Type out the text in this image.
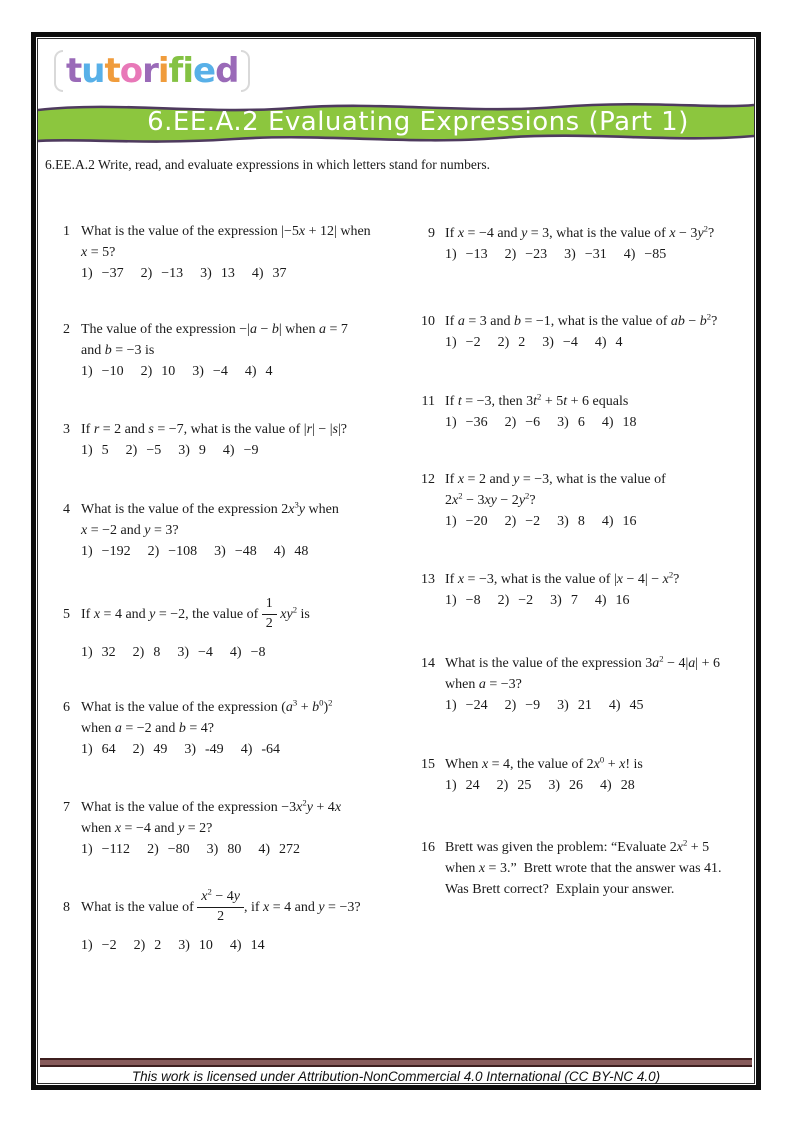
tutorified
6.EE.A.2 Evaluating Expressions (Part 1)
6.EE.A.2 Write, read, and evaluate expressions in which letters stand for numbers.
1 What is the value of the expression |−5x + 12| when
x = 5?
1) −37 2) −13 3) 13 4) 37
2 The value of the expression −|a − b| when a = 7
and b = −3 is
1) −10 2) 10 3) −4 4) 4
3 If r = 2 and s = −7, what is the value of |r| − |s|?
1) 5 2) −5 3) 9 4) −9
4 What is the value of the expression $2x^3y$ when
x = −2 and y = 3?
1) −192 2) −108 3) −48 4) 48
5 If x = 4 and y = −2, the value of $\frac{1}{2} xy^2$ is
1) 32 2) 8 3) −4 4) −8
6 What is the value of the expression $(a^3 + b^0)^2$
when a = −2 and b = 4?
1) 64 2) 49 3) -49 4) -64
7 What is the value of the expression $-3x^2y + 4x$
when x = −4 and y = 2?
1) −112 2) −80 3) 80 4) 272
8 What is the value of $\frac{x^2 - 4y}{2}$ , if x = 4 and y = −3?
1) −2 2) 2 3) 10 4) 14
9 If x = −4 and y = 3, what is the value of $x - 3y^2$?
1) −13 2) −23 3) −31 4) −85
10 If a = 3 and b = −1, what is the value of ab − $b^2$?
1) −2 2) 2 3) −4 4) 4
11 If t = −3, then $3t^2 + 5t + 6$ equals
1) −36 2) −6 3) 6 4) 18
12 If x = 2 and y = −3, what is the value of
$2x^2 - 3xy - 2y^2$?
1) −20 2) −2 3) 8 4) 16
13 If x = −3, what is the value of $|x - 4| - x^2$?
1) −8 2) −2 3) 7 4) 16
14 What is the value of the expression $3a^2 - 4|a| + 6$
when a = −3?
1) −24 2) −9 3) 21 4) 45
15 When x = 4, the value of $2x^0 + x$! is
1) 24 2) 25 3) 26 4) 28
16 Brett was given the problem: “Evaluate $2x^2 + 5$
when x = 3.”  Brett wrote that the answer was 41.
Was Brett correct?  Explain your answer.
This work is licensed under Attribution-NonCommercial 4.0 International (CC BY-NC 4.0)
